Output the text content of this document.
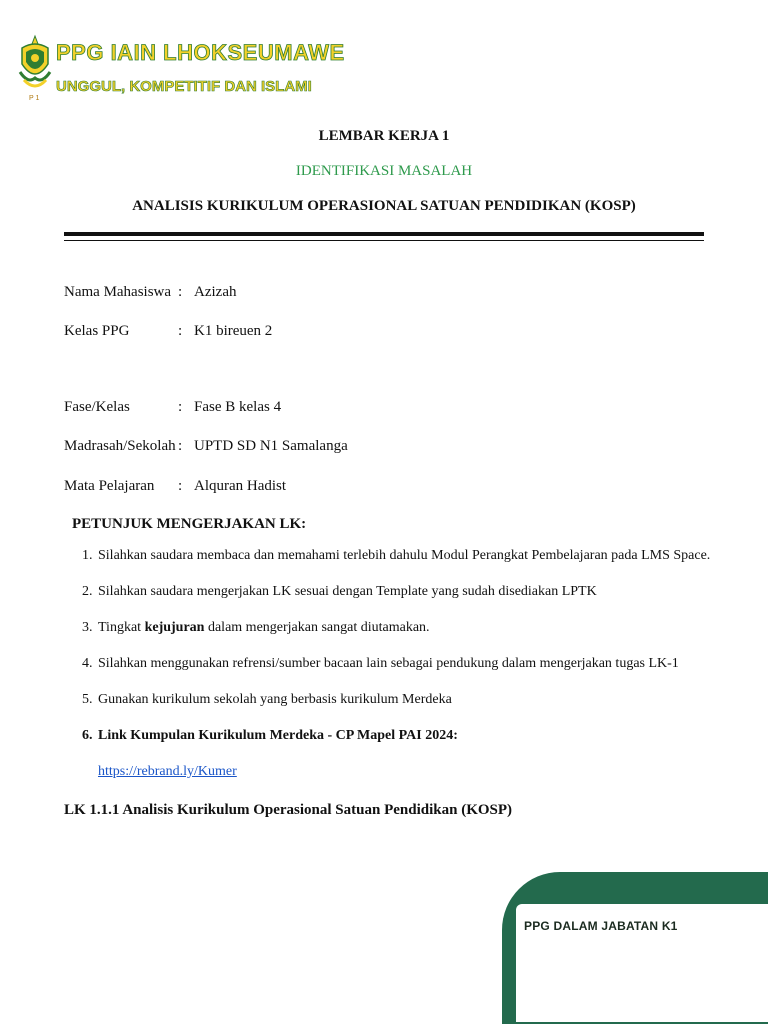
P 1
PPG IAIN LHOKSEUMAWE
UNGGUL, KOMPETITIF DAN ISLAMI
LEMBAR KERJA 1
IDENTIFIKASI MASALAH
ANALISIS KURIKULUM OPERASIONAL SATUAN PENDIDIKAN (KOSP)
Nama Mahasiswa : Azizah
Kelas PPG	: K1 bireuen 2
Fase/Kelas	: Fase B kelas 4
Madrasah/Sekolah : UPTD SD N1 Samalanga
Mata Pelajaran : Alquran Hadist
PETUNJUK MENGERJAKAN LK:
1. Silahkan saudara membaca dan memahami terlebih dahulu Modul Perangkat Pembelajaran pada LMS Space.
2. Silahkan saudara mengerjakan LK sesuai dengan Template yang sudah disediakan LPTK
3. Tingkat kejujuran dalam mengerjakan sangat diutamakan.
4. Silahkan menggunakan refrensi/sumber bacaan lain sebagai pendukung dalam mengerjakan tugas LK-1
5. Gunakan kurikulum sekolah yang berbasis kurikulum Merdeka
6. Link Kumpulan Kurikulum Merdeka - CP Mapel PAI 2024:
https://rebrand.ly/Kumer
LK 1.1.1 Analisis Kurikulum Operasional Satuan Pendidikan (KOSP)
PPG DALAM JABATAN K1
